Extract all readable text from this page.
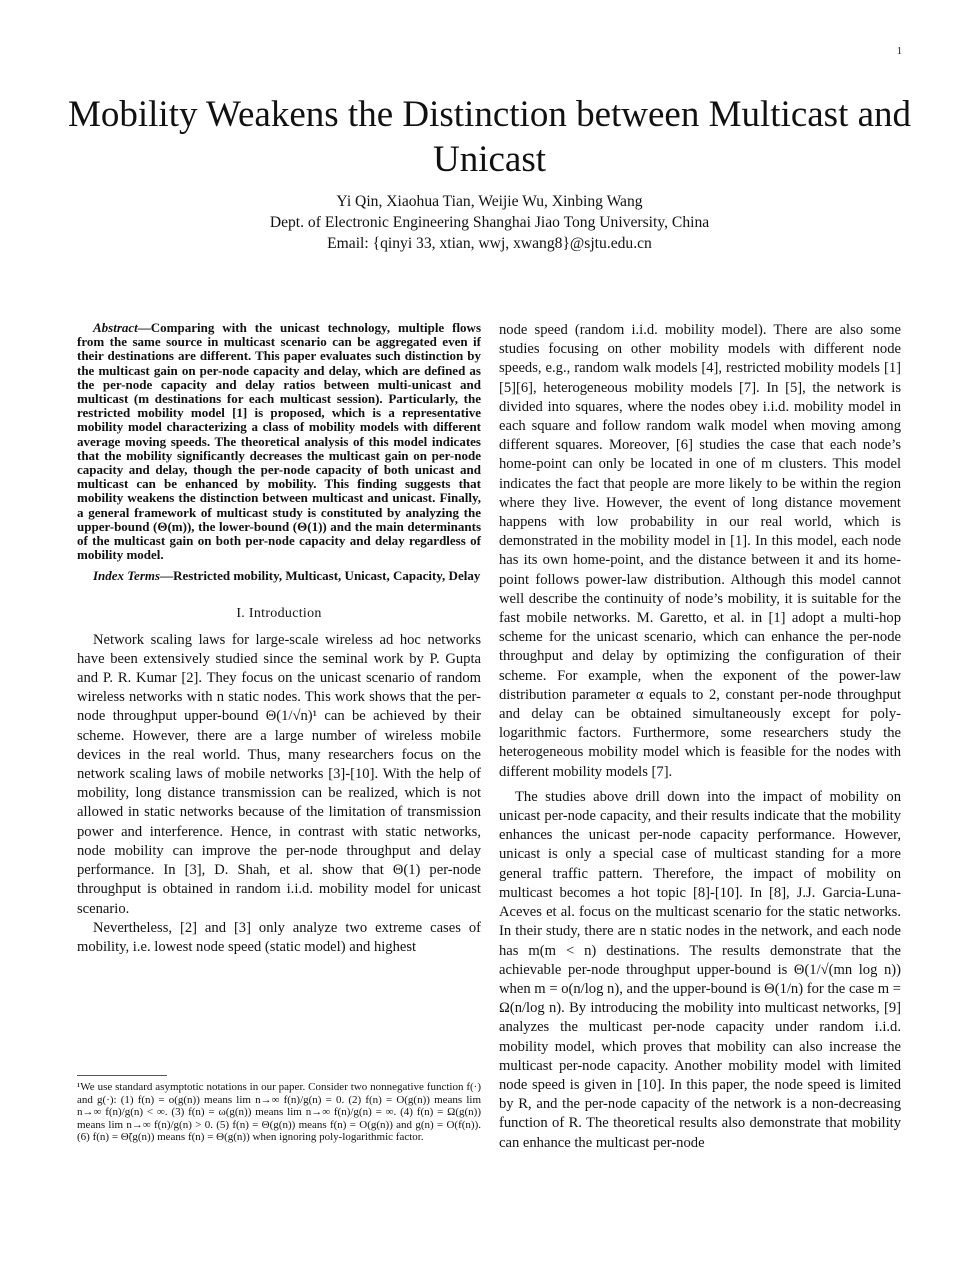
1
Mobility Weakens the Distinction between Multicast and Unicast
Yi Qin, Xiaohua Tian, Weijie Wu, Xinbing Wang
Dept. of Electronic Engineering Shanghai Jiao Tong University, China
Email: {qinyi 33, xtian, wwj, xwang8}@sjtu.edu.cn

Abstract—Comparing with the unicast technology, multiple flows from the same source in multicast scenario can be aggregated even if their destinations are different. This paper evaluates such distinction by the multicast gain on per-node capacity and delay, which are defined as the per-node capacity and delay ratios between multi-unicast and multicast (m destinations for each multicast session). Particularly, the restricted mobility model [1] is proposed, which is a representative mobility model characterizing a class of mobility models with different average moving speeds. The theoretical analysis of this model indicates that the mobility significantly decreases the multicast gain on per-node capacity and delay, though the per-node capacity of both unicast and multicast can be enhanced by mobility. This finding suggests that mobility weakens the distinction between multicast and unicast. Finally, a general framework of multicast study is constituted by analyzing the upper-bound (Θ(m)), the lower-bound (Θ(1)) and the main determinants of the multicast gain on both per-node capacity and delay regardless of mobility model.

Index Terms—Restricted mobility, Multicast, Unicast, Capacity, Delay

I. Introduction

Network scaling laws for large-scale wireless ad hoc networks have been extensively studied since the seminal work by P. Gupta and P. R. Kumar [2]. They focus on the unicast scenario of random wireless networks with n static nodes. This work shows that the per-node throughput upper-bound Θ(1/√n)¹ can be achieved by their scheme. However, there are a large number of wireless mobile devices in the real world. Thus, many researchers focus on the network scaling laws of mobile networks [3]-[10]. With the help of mobility, long distance transmission can be realized, which is not allowed in static networks because of the limitation of transmission power and interference. Hence, in contrast with static networks, node mobility can improve the per-node throughput and delay performance. In [3], D. Shah, et al. show that Θ(1) per-node throughput is obtained in random i.i.d. mobility model for unicast scenario.

Nevertheless, [2] and [3] only analyze two extreme cases of mobility, i.e. lowest node speed (static model) and highest

¹We use standard asymptotic notations in our paper. Consider two nonnegative function f(·) and g(·): (1) f(n) = o(g(n)) means lim n→∞ f(n)/g(n) = 0. (2) f(n) = O(g(n)) means lim n→∞ f(n)/g(n) < ∞. (3) f(n) = ω(g(n)) means lim n→∞ f(n)/g(n) = ∞. (4) f(n) = Ω(g(n)) means lim n→∞ f(n)/g(n) > 0. (5) f(n) = Θ(g(n)) means f(n) = O(g(n)) and g(n) = O(f(n)). (6) f(n) = Θ̃(g(n)) means f(n) = Θ(g(n)) when ignoring poly-logarithmic factor.

node speed (random i.i.d. mobility model). There are also some studies focusing on other mobility models with different node speeds, e.g., random walk models [4], restricted mobility models [1][5][6], heterogeneous mobility models [7]. In [5], the network is divided into squares, where the nodes obey i.i.d. mobility model in each square and follow random walk model when moving among different squares. Moreover, [6] studies the case that each node’s home-point can only be located in one of m clusters. This model indicates the fact that people are more likely to be within the region where they live. However, the event of long distance movement happens with low probability in our real world, which is demonstrated in the mobility model in [1]. In this model, each node has its own home-point, and the distance between it and its home-point follows power-law distribution. Although this model cannot well describe the continuity of node’s mobility, it is suitable for the fast mobile networks. M. Garetto, et al. in [1] adopt a multi-hop scheme for the unicast scenario, which can enhance the per-node throughput and delay by optimizing the configuration of their scheme. For example, when the exponent of the power-law distribution parameter α equals to 2, constant per-node throughput and delay can be obtained simultaneously except for poly-logarithmic factors. Furthermore, some researchers study the heterogeneous mobility model which is feasible for the nodes with different mobility models [7].

The studies above drill down into the impact of mobility on unicast per-node capacity, and their results indicate that the mobility enhances the unicast per-node capacity performance. However, unicast is only a special case of multicast standing for a more general traffic pattern. Therefore, the impact of mobility on multicast becomes a hot topic [8]-[10]. In [8], J.J. Garcia-Luna-Aceves et al. focus on the multicast scenario for the static networks. In their study, there are n static nodes in the network, and each node has m(m < n) destinations. The results demonstrate that the achievable per-node throughput upper-bound is Θ(1/√(mn log n)) when m = o(n/log n), and the upper-bound is Θ(1/n) for the case m = Ω(n/log n). By introducing the mobility into multicast networks, [9] analyzes the multicast per-node capacity under random i.i.d. mobility model, which proves that mobility can also increase the multicast per-node capacity. Another mobility model with limited node speed is given in [10]. In this paper, the node speed is limited by R, and the per-node capacity of the network is a non-decreasing function of R. The theoretical results also demonstrate that mobility can enhance the multicast per-node
